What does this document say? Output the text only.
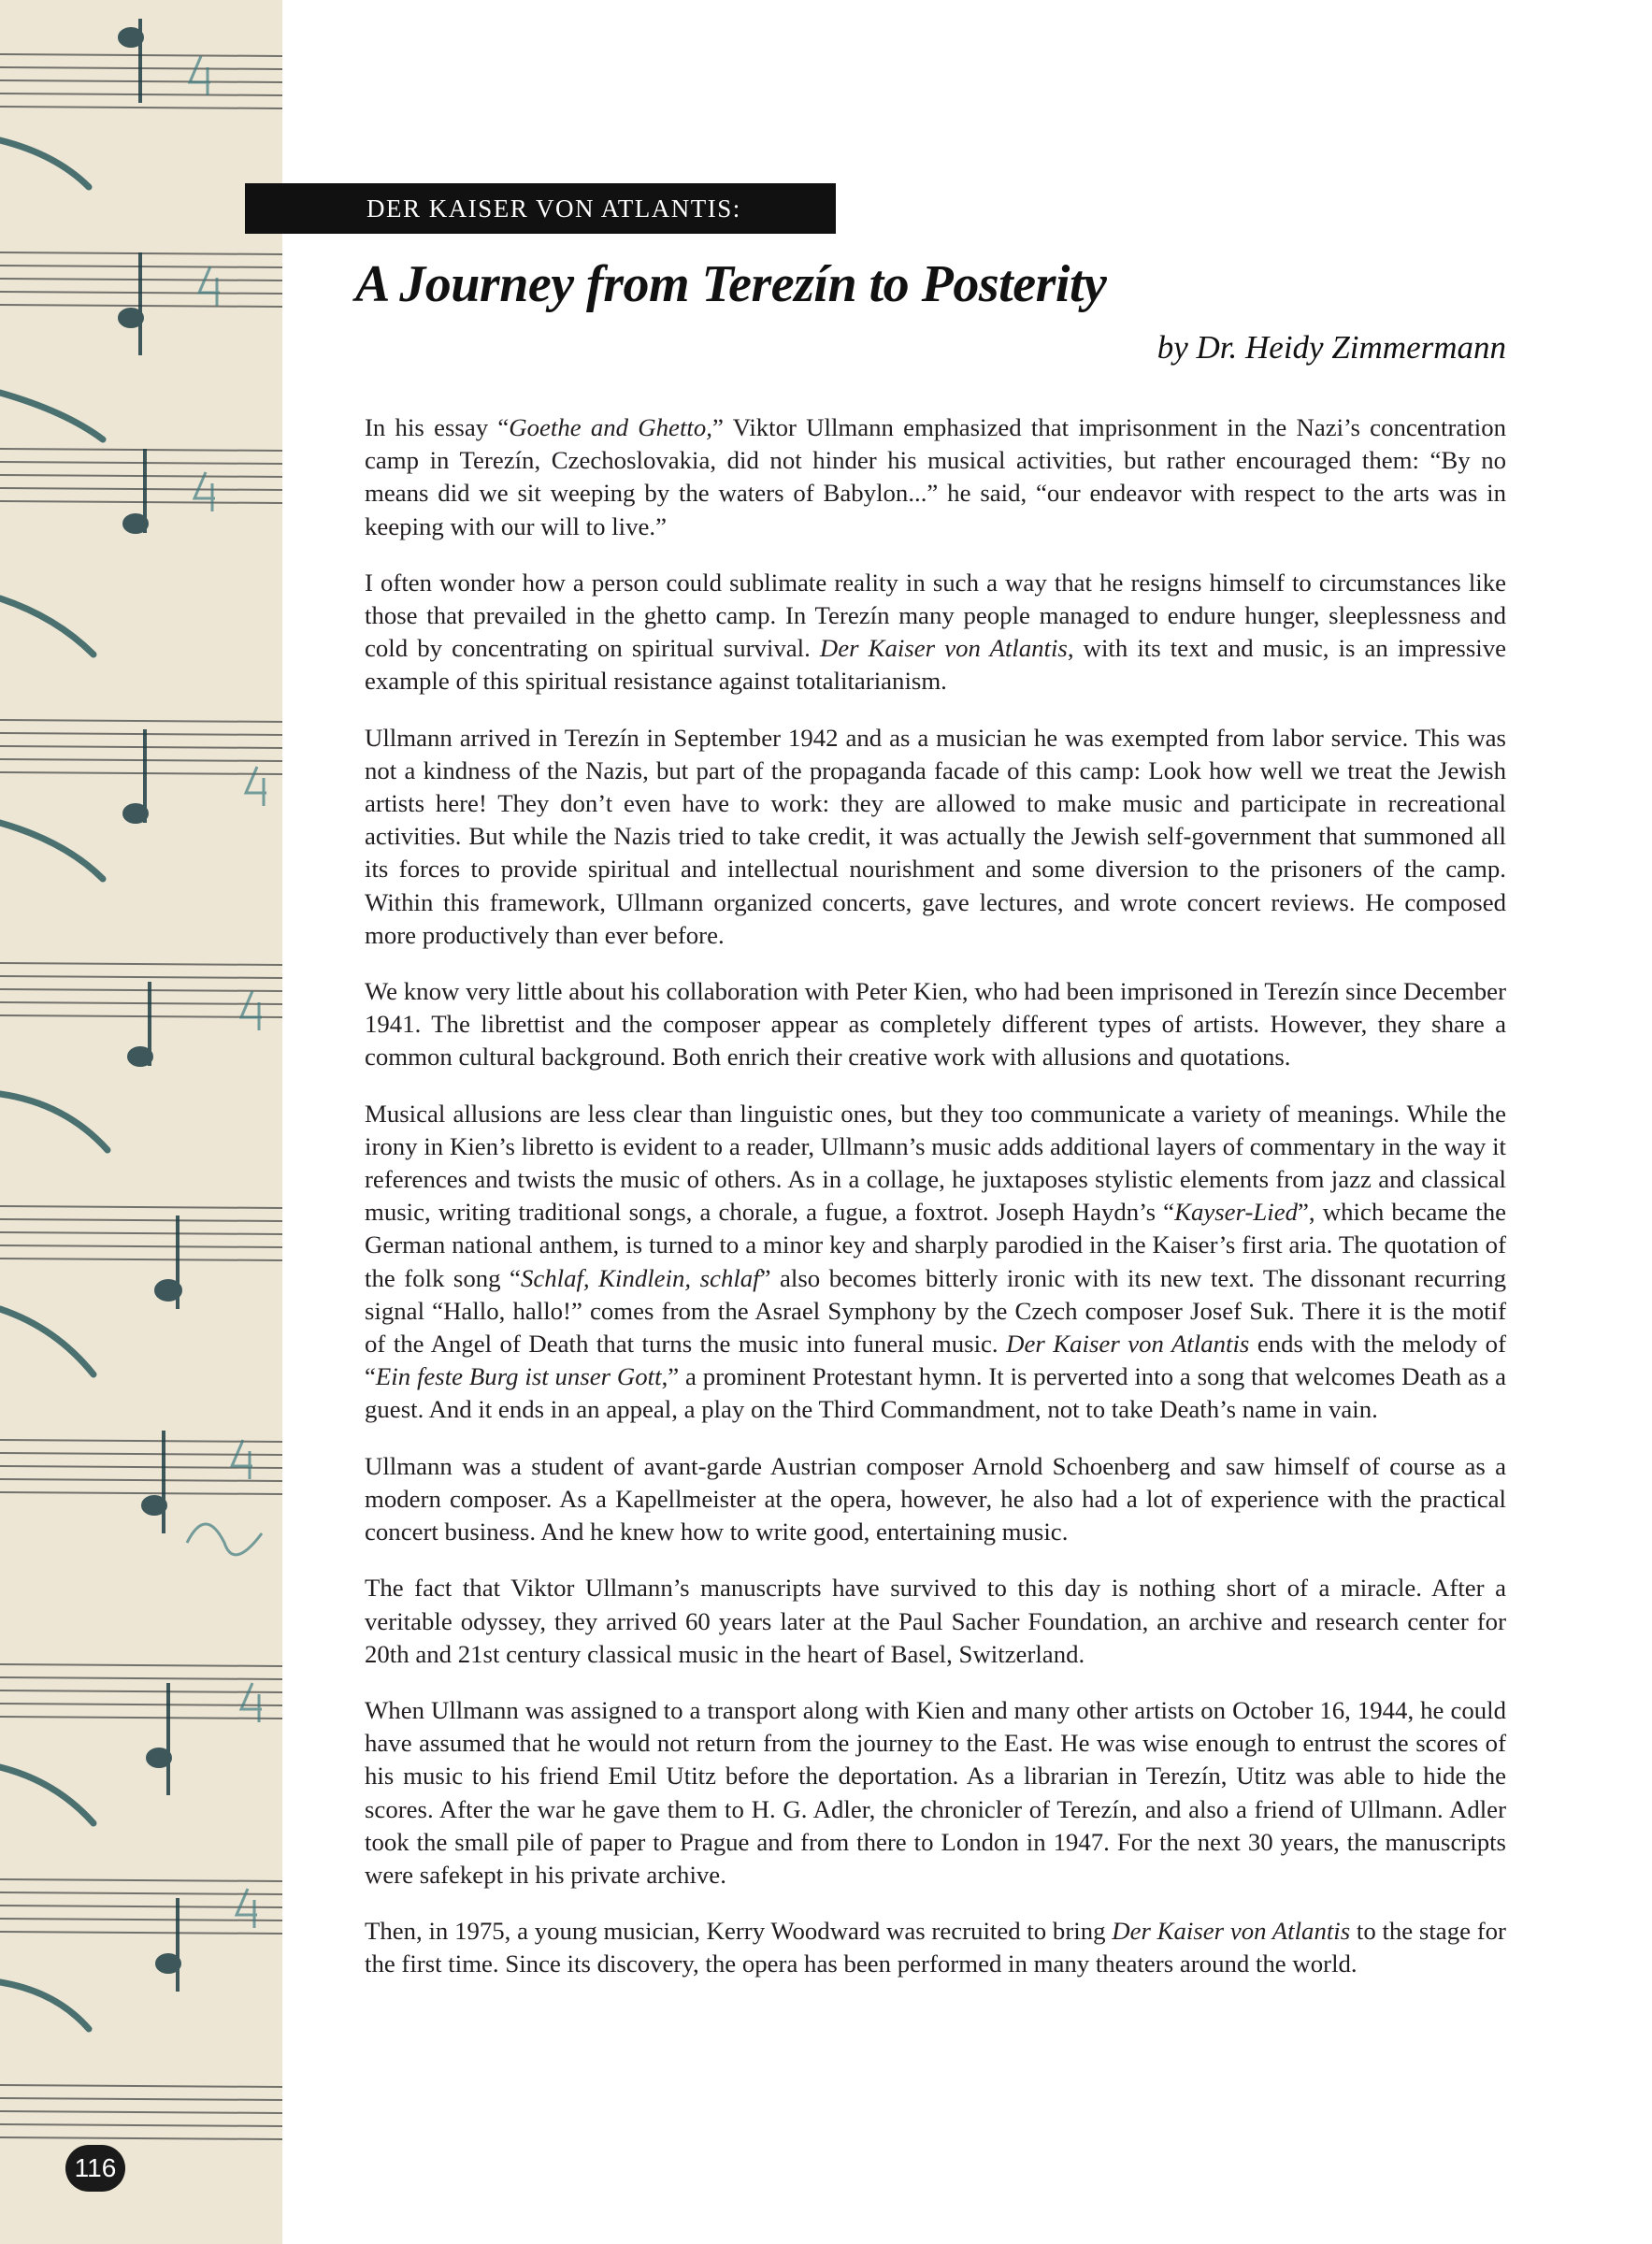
116
DER KAISER VON ATLANTIS:
A Journey from Terezín to Posterity
by Dr. Heidy Zimmermann

In his essay “Goethe and Ghetto,” Viktor Ullmann emphasized that imprisonment in the Nazi’s concentration camp in Terezín, Czechoslovakia, did not hinder his musical activities, but rather encouraged them: “By no means did we sit weeping by the waters of Babylon...” he said, “our endeavor with respect to the arts was in keeping with our will to live.”

I often wonder how a person could sublimate reality in such a way that he resigns himself to circumstances like those that prevailed in the ghetto camp. In Terezín many people managed to endure hunger, sleeplessness and cold by concentrating on spiritual survival. Der Kaiser von Atlantis, with its text and music, is an impressive example of this spiritual resistance against totalitarianism.

Ullmann arrived in Terezín in September 1942 and as a musician he was exempted from labor service. This was not a kindness of the Nazis, but part of the propaganda facade of this camp: Look how well we treat the Jewish artists here! They don’t even have to work: they are allowed to make music and participate in recreational activities. But while the Nazis tried to take credit, it was actually the Jewish self-government that summoned all its forces to provide spiritual and intellectual nourishment and some diversion to the prisoners of the camp. Within this framework, Ullmann organized concerts, gave lectures, and wrote concert reviews. He composed more productively than ever before.

We know very little about his collaboration with Peter Kien, who had been imprisoned in Terezín since December 1941. The librettist and the composer appear as completely different types of artists. However, they share a common cultural background. Both enrich their creative work with allusions and quotations.

Musical allusions are less clear than linguistic ones, but they too communicate a variety of meanings. While the irony in Kien’s libretto is evident to a reader, Ullmann’s music adds additional layers of commentary in the way it references and twists the music of others. As in a collage, he juxtaposes stylistic elements from jazz and classical music, writing traditional songs, a chorale, a fugue, a foxtrot. Joseph Haydn’s “Kayser-Lied”, which became the German national anthem, is turned to a minor key and sharply parodied in the Kaiser’s first aria. The quotation of the folk song “Schlaf, Kindlein, schlaf” also becomes bitterly ironic with its new text. The dissonant recurring signal “Hallo, hallo!” comes from the Asrael Symphony by the Czech composer Josef Suk. There it is the motif of the Angel of Death that turns the music into funeral music. Der Kaiser von Atlantis ends with the melody of “Ein feste Burg ist unser Gott,” a prominent Protestant hymn. It is perverted into a song that welcomes Death as a guest. And it ends in an appeal, a play on the Third Commandment, not to take Death’s name in vain.

Ullmann was a student of avant-garde Austrian composer Arnold Schoenberg and saw himself of course as a modern composer. As a Kapellmeister at the opera, however, he also had a lot of experience with the practical concert business. And he knew how to write good, entertaining music.

The fact that Viktor Ullmann’s manuscripts have survived to this day is nothing short of a miracle. After a veritable odyssey, they arrived 60 years later at the Paul Sacher Foundation, an archive and research center for 20th and 21st century classical music in the heart of Basel, Switzerland.

When Ullmann was assigned to a transport along with Kien and many other artists on October 16, 1944, he could have assumed that he would not return from the journey to the East. He was wise enough to entrust the scores of his music to his friend Emil Utitz before the deportation. As a librarian in Terezín, Utitz was able to hide the scores. After the war he gave them to H. G. Adler, the chronicler of Terezín, and also a friend of Ullmann. Adler took the small pile of paper to Prague and from there to London in 1947. For the next 30 years, the manuscripts were safekept in his private archive.

Then, in 1975, a young musician, Kerry Woodward was recruited to bring Der Kaiser von Atlantis to the stage for the first time. Since its discovery, the opera has been performed in many theaters around the world.
